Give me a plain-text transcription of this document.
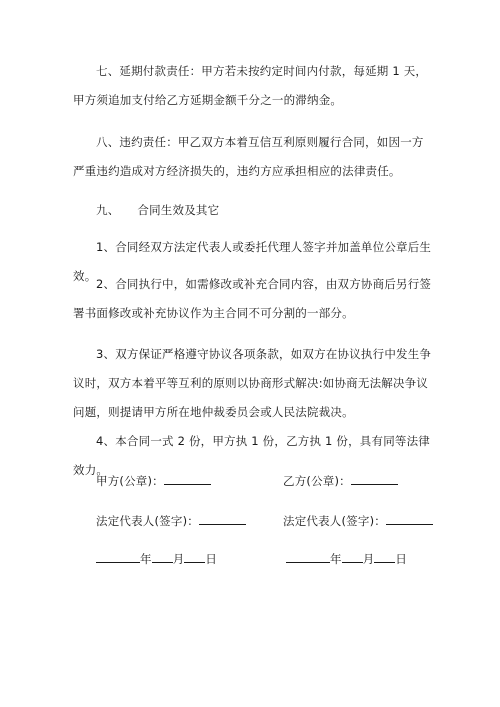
七、延期付款责任：甲方若未按约定时间内付款，每延期 1 天，甲方须追加支付给乙方延期金额千分之一的滞纳金。

八、违约责任：甲乙双方本着互信互利原则履行合同，如因一方严重违约造成对方经济损失的，违约方应承担相应的法律责任。

九、 合同生效及其它

1、合同经双方法定代表人或委托代理人签字并加盖单位公章后生效。

2、合同执行中，如需修改或补充合同内容，由双方协商后另行签署书面修改或补充协议作为主合同不可分割的一部分。

3、双方保证严格遵守协议各项条款，如双方在协议执行中发生争议时，双方本着平等互利的原则以协商形式解决:如协商无法解决争议问题，则提请甲方所在地仲裁委员会或人民法院裁决。

4、本合同一式 2 份，甲方执 1 份，乙方执 1 份，具有同等法律效力。

甲方(公章)：	乙方(公章)：
法定代表人(签字)：	法定代表人(签字)：
年 月 日	年 月 日
